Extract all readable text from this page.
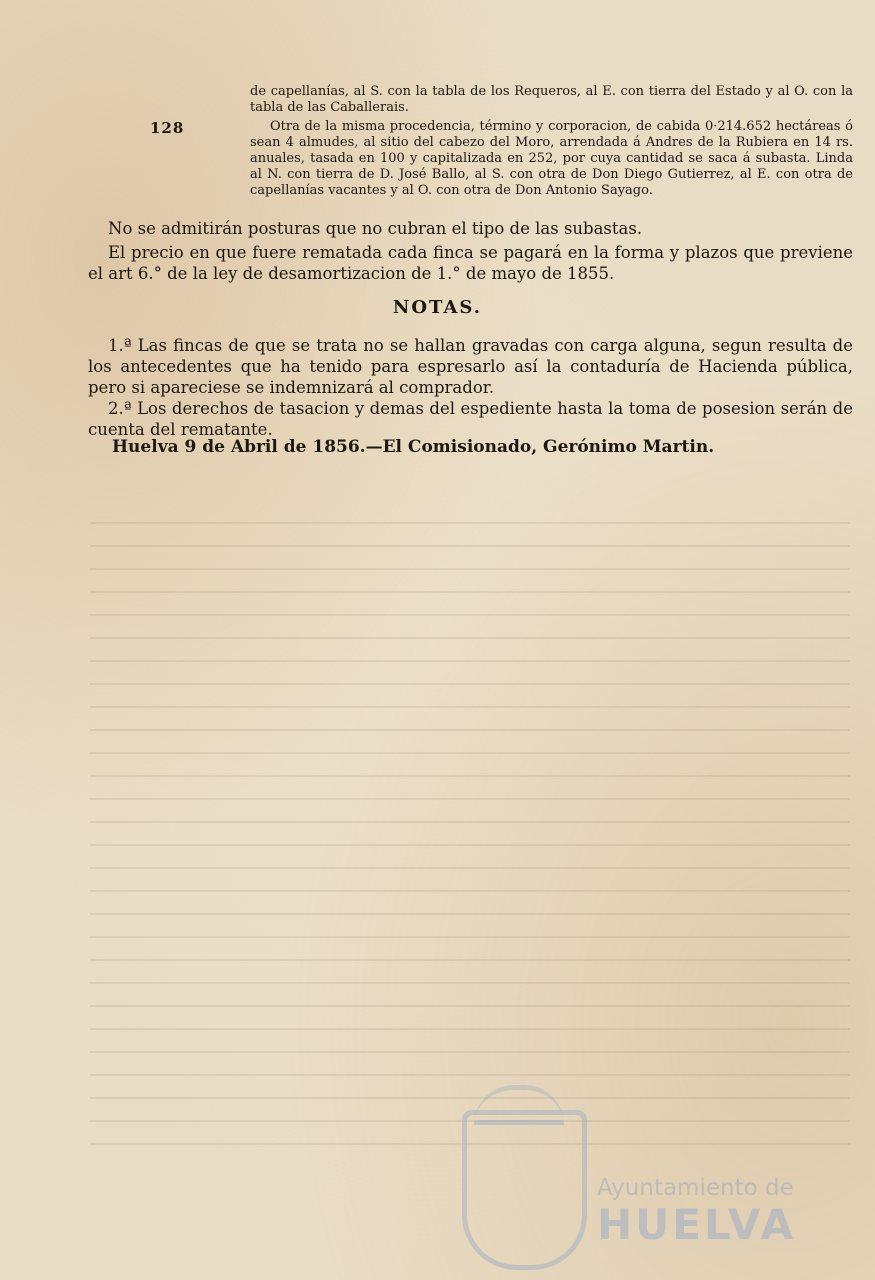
128
de capellanías, al S. con la tabla de los Requeros, al E. con tierra del Estado y al O. con la tabla de las Caballerais.
Otra de la misma procedencia, término y corporacion, de cabida 0·214.652 hectáreas ó sean 4 almudes, al sitio del cabezo del Moro, arrendada á Andres de la Rubiera en 14 rs. anuales, tasada en 100 y capitalizada en 252, por cuya cantidad se saca á subasta. Linda al N. con tierra de D. José Ballo, al S. con otra de Don Diego Gutierrez, al E. con otra de capellanías vacantes y al O. con otra de Don Antonio Sayago.
No se admitirán posturas que no cubran el tipo de las subastas.
El precio en que fuere rematada cada finca se pagará en la forma y plazos que previene el art 6.° de la ley de desamortizacion de 1.° de mayo de 1855.
NOTAS.
1.ª Las fincas de que se trata no se hallan gravadas con carga alguna, segun resulta de los antecedentes que ha tenido para espresarlo así la contaduría de Hacienda pública, pero si apareciese se indemnizará al comprador.
2.ª Los derechos de tasacion y demas del espediente hasta la toma de posesion serán de cuenta del rematante.
Huelva 9 de Abril de 1856.—El Comisionado, Gerónimo Martin.
Ayuntamiento de
HUELVA
